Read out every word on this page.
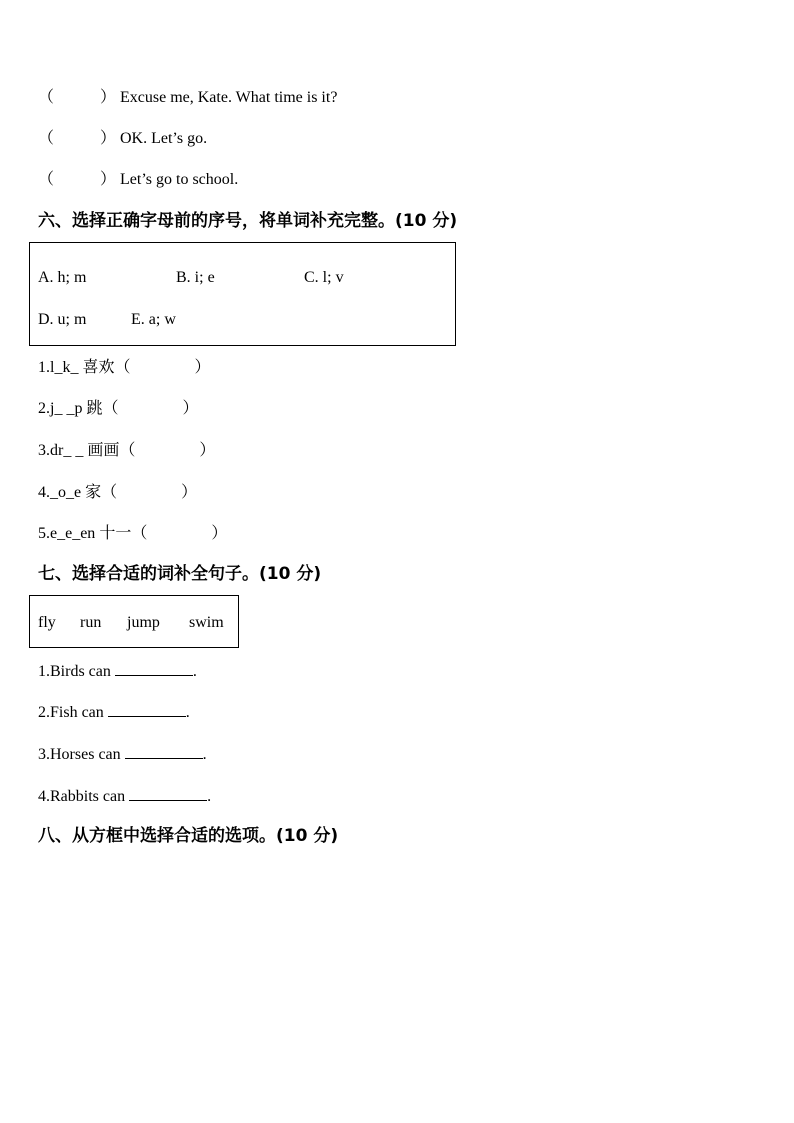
（	） Excuse me, Kate. What time is it?
（	） OK. Let’s go.
（	） Let’s go to school.
六、选择正确字母前的序号，将单词补充完整。(10 分)
A. h; m	B. i; e	C. l; v
D. u; m	E. a; w
1.l_k_ 喜欢（	）
2.j_ _p 跳（	）
3.dr_ _ 画画（	）
4._o_e 家（	）
5.e_e_en 十一（	）
七、选择合适的词补全句子。(10 分)
fly run jump swim
1.Birds can	.
2.Fish can	.
3.Horses can	.
4.Rabbits can	.
八、从方框中选择合适的选项。(10 分)
